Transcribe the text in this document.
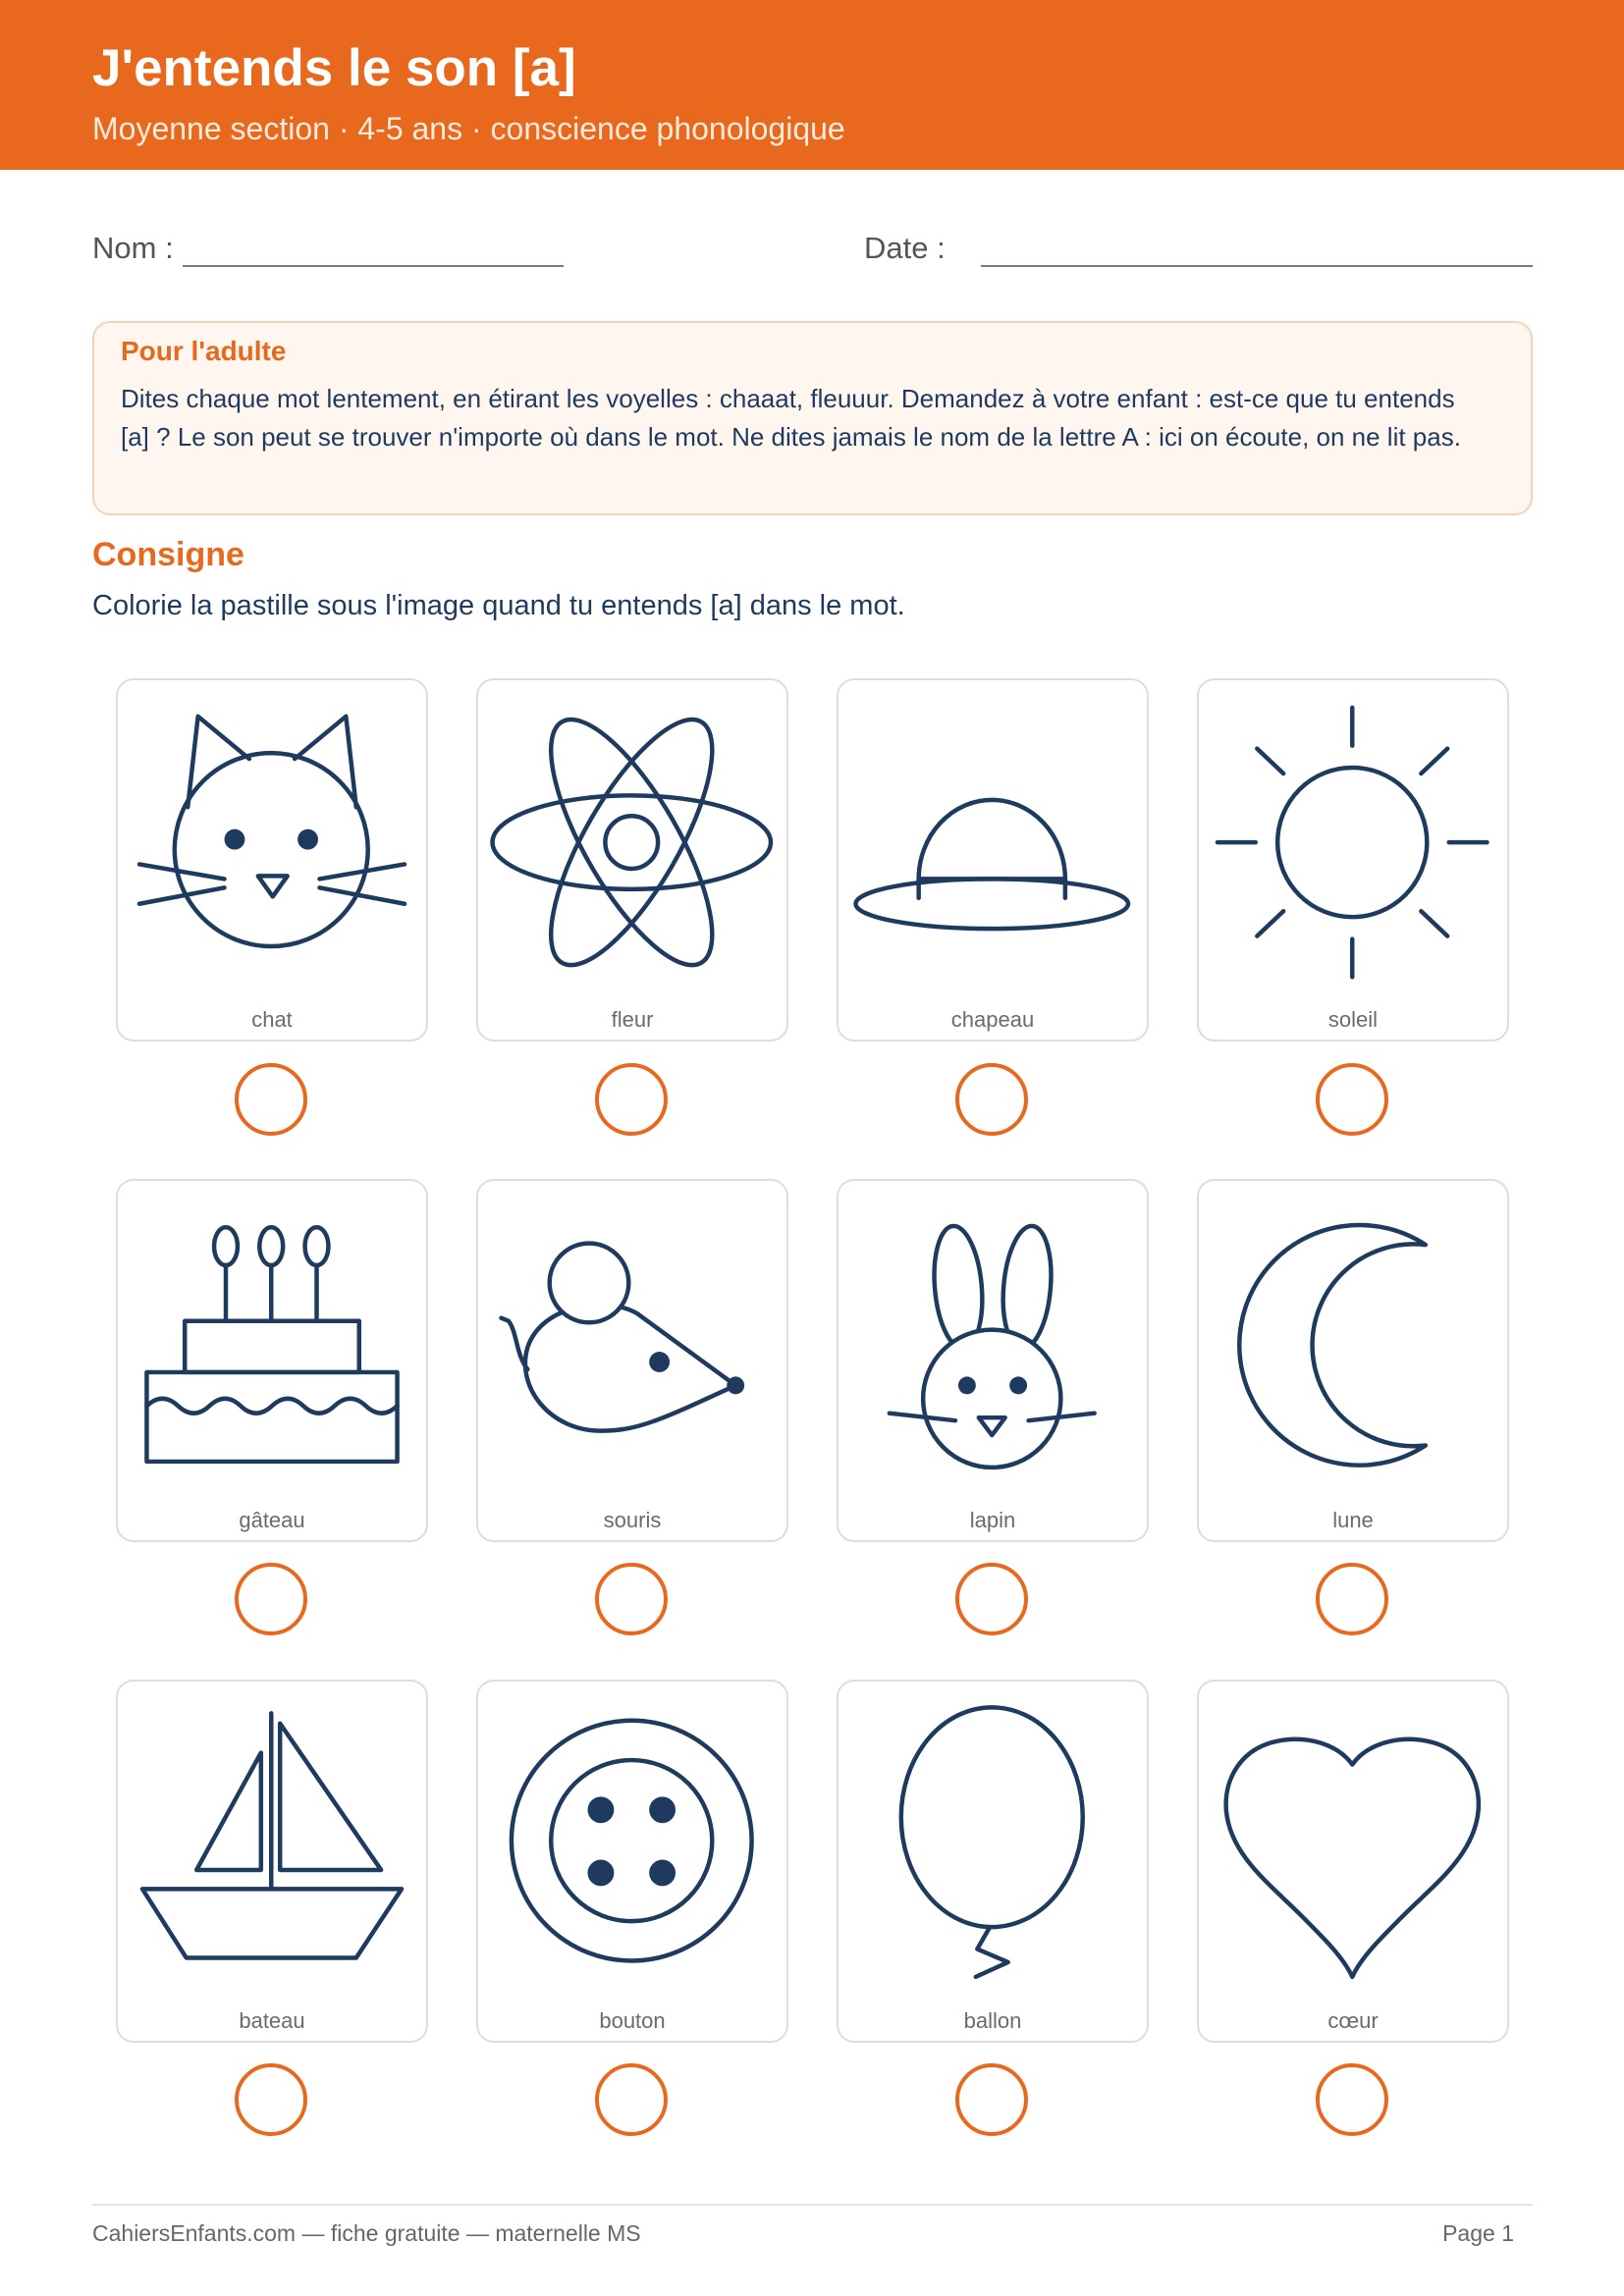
J'entends le son [a]
Moyenne section · 4-5 ans · conscience phonologique
Nom :	Date :
Pour l'adulte
Dites chaque mot lentement, en étirant les voyelles : chaaat, fleuuur. Demandez à votre enfant : est-ce que tu entends [a] ? Le son peut se trouver n'importe où dans le mot. Ne dites jamais le nom de la lettre A : ici on écoute, on ne lit pas.
Consigne
Colorie la pastille sous l'image quand tu entends [a] dans le mot.
chat	fleur	chapeau	soleil
gâteau	souris	lapin	lune
bateau	bouton	ballon	cœur
CahiersEnfants.com — fiche gratuite — maternelle MS	Page 1
